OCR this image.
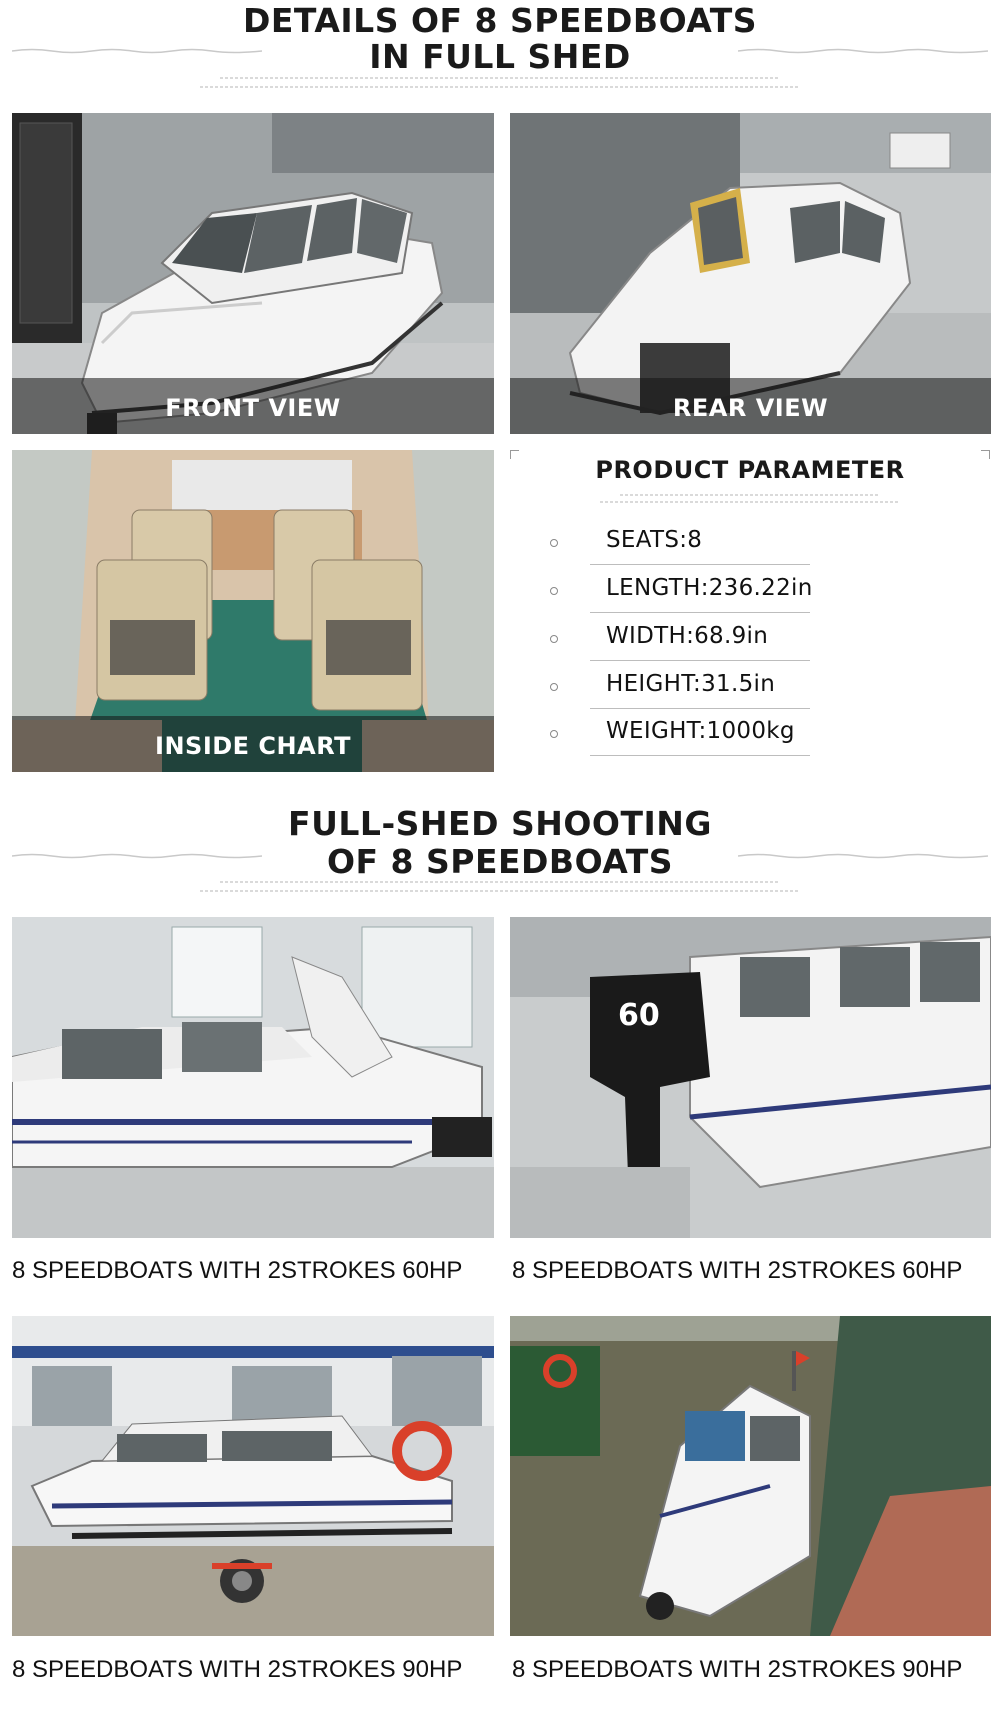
DETAILS OF 8 SPEEDBOATS
IN FULL SHED
FRONT VIEW	REAR VIEW
INSIDE CHART
PRODUCT PARAMETER
SEATS:8
LENGTH:236.22in
WIDTH:68.9in
HEIGHT:31.5in
WEIGHT:1000kg
FULL-SHED SHOOTING
OF 8 SPEEDBOATS
60
8 SPEEDBOATS WITH 2STROKES 60HP 8 SPEEDBOATS WITH 2STROKES 60HP
8 SPEEDBOATS WITH 2STROKES 90HP 8 SPEEDBOATS WITH 2STROKES 90HP
